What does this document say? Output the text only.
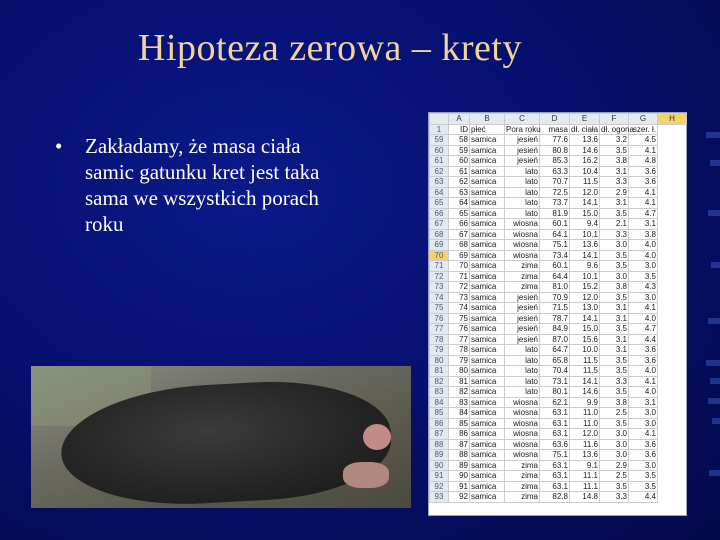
Hipoteza zerowa – krety
• Zakładamy, że masa ciała samic gatunku kret jest taka sama we wszystkich porach roku
	A	B	C	D	E	F	G	H
1	ID	płeć	Pora roku	masa	dł. ciała	dł. ogona	szer. ł.	
59	58	samica	jesień	77.6	13.6	3.2	4.5	
60	59	samica	jesień	80.8	14.6	3.5	4.1	
61	60	samica	jesień	85.3	16.2	3.8	4.8	
62	61	samica	lato	63.3	10.4	3.1	3.6	
63	62	samica	lato	70.7	11.5	3.3	3.6	
64	63	samica	lato	72.5	12.0	2.9	4.1	
65	64	samica	lato	73.7	14.1	3.1	4.1	
66	65	samica	lato	81.9	15.0	3.5	4.7	
67	66	samica	wiosna	60.1	9.4	2.1	3.1	
68	67	samica	wiosna	64.1	10.1	3.3	3.8	
69	68	samica	wiosna	75.1	13.6	3.0	4.0	
70	69	samica	wiosna	73.4	14.1	3.5	4.0	
71	70	samica	zima	60.1	9.6	3.5	3.0	
72	71	samica	zima	64.4	10.1	3.0	3.5	
73	72	samica	zima	81.0	15.2	3.8	4.3	
74	73	samica	jesień	70.9	12.0	3.5	3.0	
75	74	samica	jesień	71.5	13.0	3.1	4.1	
76	75	samica	jesień	78.7	14.1	3.1	4.0	
77	76	samica	jesień	84.9	15.0	3.5	4.7	
78	77	samica	jesień	87.0	15.6	3.1	4.4	
79	78	samica	lato	64.7	10.0	3.1	3.6	
80	79	samica	lato	65.8	11.5	3.5	3.6	
81	80	samica	lato	70.4	11.5	3.5	4.0	
82	81	samica	lato	73.1	14.1	3.3	4.1	
83	82	samica	lato	80.1	14.6	3.5	4.0	
84	83	samica	wiosna	62.1	9.9	3.8	3.1	
85	84	samica	wiosna	63.1	11.0	2.5	3.0	
86	85	samica	wiosna	63.1	11.0	3.5	3.0	
87	86	samica	wiosna	63.1	12.0	3.0	4.1	
88	87	samica	wiosna	63.6	11.6	3.0	3.6	
89	88	samica	wiosna	75.1	13.6	3.0	3.6	
90	89	samica	zima	63.1	9.1	2.9	3.0	
91	90	samica	zima	63.1	11.1	2.5	3.5	
92	91	samica	zima	63.1	11.1	3.5	3.5	
93	92	samica	zima	82.8	14.8	3.3	4.4	
